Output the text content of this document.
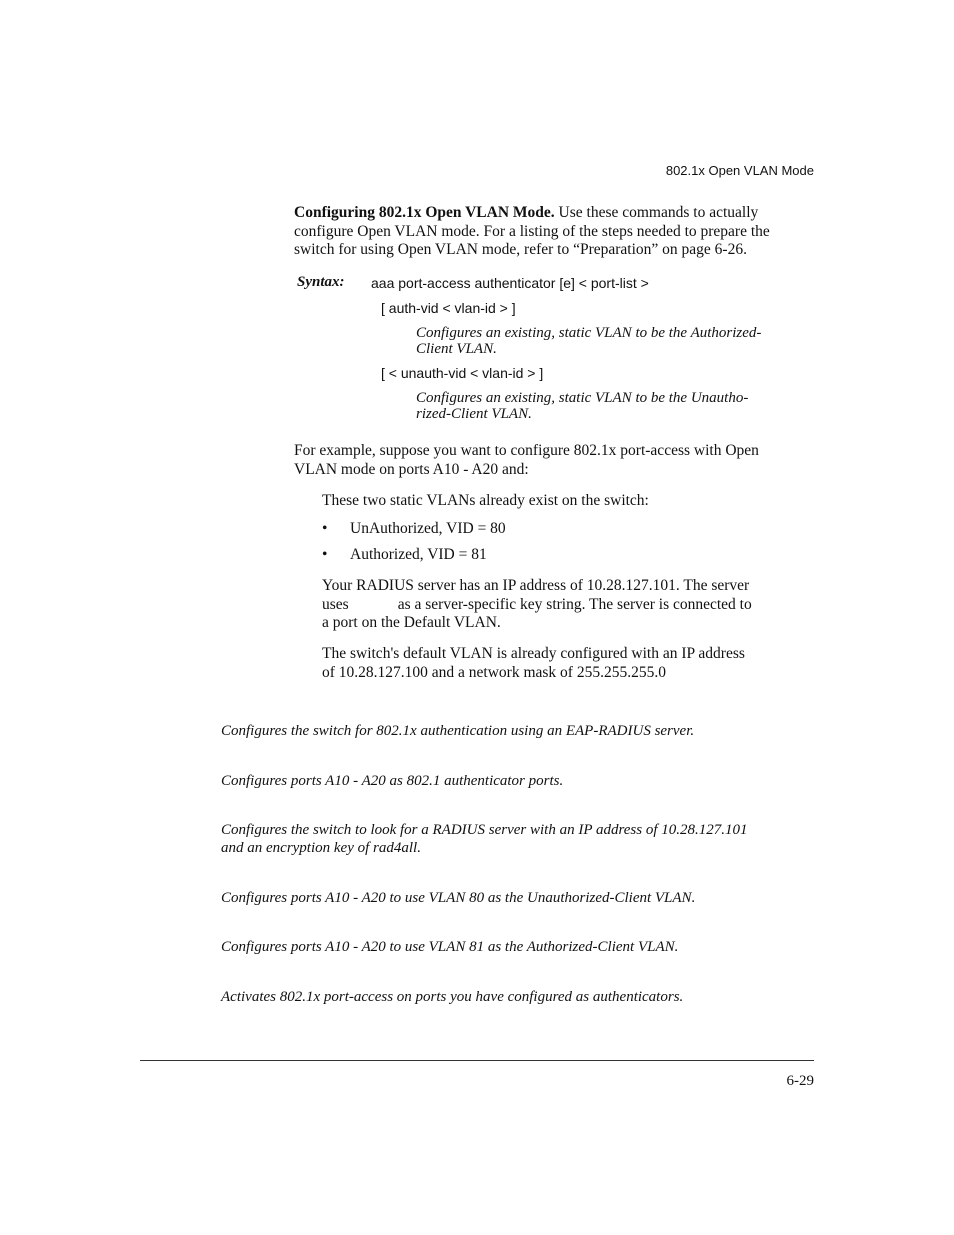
802.1x Open VLAN Mode
Configuring 802.1x Open VLAN Mode. Use these commands to actually
configure Open VLAN mode. For a listing of the steps needed to prepare the
switch for using Open VLAN mode, refer to “Preparation” on page 6-26.
Syntax: aaa port-access authenticator [e] < port-list >
[ auth-vid < vlan-id > ]
Configures an existing, static VLAN to be the Authorized-
Client VLAN.
[ < unauth-vid < vlan-id > ]
Configures an existing, static VLAN to be the Unautho-
rized-Client VLAN.
For example, suppose you want to configure 802.1x port-access with Open
VLAN mode on ports A10 - A20 and:
These two static VLANs already exist on the switch:
• UnAuthorized, VID = 80
• Authorized, VID = 81
Your RADIUS server has an IP address of 10.28.127.101. The server
uses	as a server-specific key string. The server is connected to
a port on the Default VLAN.
The switch's default VLAN is already configured with an IP address
of 10.28.127.100 and a network mask of 255.255.255.0
Configures the switch for 802.1x authentication using an EAP-RADIUS server.
Configures ports A10 - A20 as 802.1 authenticator ports.
Configures the switch to look for a RADIUS server with an IP address of 10.28.127.101
and an encryption key of rad4all.
Configures ports A10 - A20 to use VLAN 80 as the Unauthorized-Client VLAN.
Configures ports A10 - A20 to use VLAN 81 as the Authorized-Client VLAN.
Activates 802.1x port-access on ports you have configured as authenticators.
6-29
